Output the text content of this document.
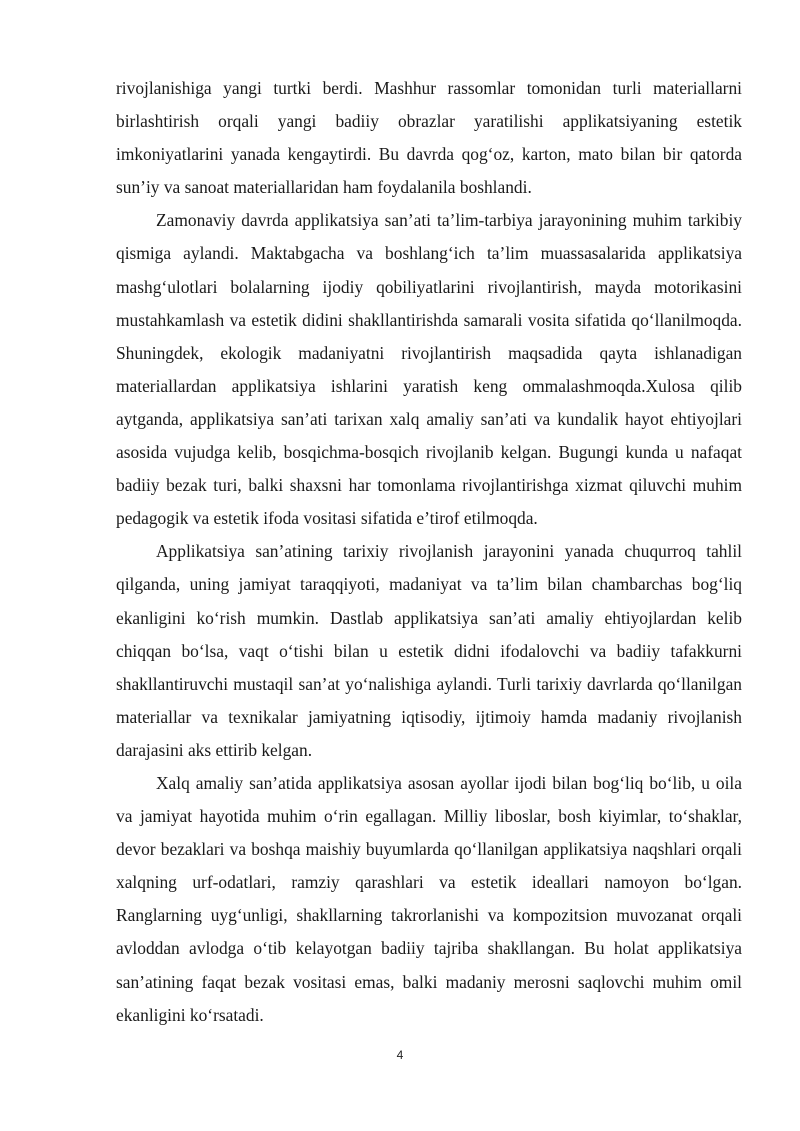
rivojlanishiga yangi turtki berdi. Mashhur rassomlar tomonidan turli materiallarni birlashtirish orqali yangi badiiy obrazlar yaratilishi applikatsiyaning estetik imkoniyatlarini yanada kengaytirdi. Bu davrda qog‘oz, karton, mato bilan bir qatorda sun’iy va sanoat materiallaridan ham foydalanila boshlandi.

Zamonaviy davrda applikatsiya san’ati ta’lim-tarbiya jarayonining muhim tarkibiy qismiga aylandi. Maktabgacha va boshlang‘ich ta’lim muassasalarida applikatsiya mashg‘ulotlari bolalarning ijodiy qobiliyatlarini rivojlantirish, mayda motorikasini mustahkamlash va estetik didini shakllantirishda samarali vosita sifatida qo‘llanilmoqda. Shuningdek, ekologik madaniyatni rivojlantirish maqsadida qayta ishlanadigan materiallardan applikatsiya ishlarini yaratish keng ommalashmoqda.Xulosa qilib aytganda, applikatsiya san’ati tarixan xalq amaliy san’ati va kundalik hayot ehtiyojlari asosida vujudga kelib, bosqichma-bosqich rivojlanib kelgan. Bugungi kunda u nafaqat badiiy bezak turi, balki shaxsni har tomonlama rivojlantirishga xizmat qiluvchi muhim pedagogik va estetik ifoda vositasi sifatida e’tirof etilmoqda.

Applikatsiya san’atining tarixiy rivojlanish jarayonini yanada chuqurroq tahlil qilganda, uning jamiyat taraqqiyoti, madaniyat va ta’lim bilan chambarchas bog‘liq ekanligini ko‘rish mumkin. Dastlab applikatsiya san’ati amaliy ehtiyojlardan kelib chiqqan bo‘lsa, vaqt o‘tishi bilan u estetik didni ifodalovchi va badiiy tafakkurni shakllantiruvchi mustaqil san’at yo‘nalishiga aylandi. Turli tarixiy davrlarda qo‘llanilgan materiallar va texnikalar jamiyatning iqtisodiy, ijtimoiy hamda madaniy rivojlanish darajasini aks ettirib kelgan.

Xalq amaliy san’atida applikatsiya asosan ayollar ijodi bilan bog‘liq bo‘lib, u oila va jamiyat hayotida muhim o‘rin egallagan. Milliy liboslar, bosh kiyimlar, to‘shaklar, devor bezaklari va boshqa maishiy buyumlarda qo‘llanilgan applikatsiya naqshlari orqali xalqning urf-odatlari, ramziy qarashlari va estetik ideallari namoyon bo‘lgan. Ranglarning uyg‘unligi, shakllarning takrorlanishi va kompozitsion muvozanat orqali avloddan avlodga o‘tib kelayotgan badiiy tajriba shakllangan. Bu holat applikatsiya san’atining faqat bezak vositasi emas, balki madaniy merosni saqlovchi muhim omil ekanligini ko‘rsatadi.

4
